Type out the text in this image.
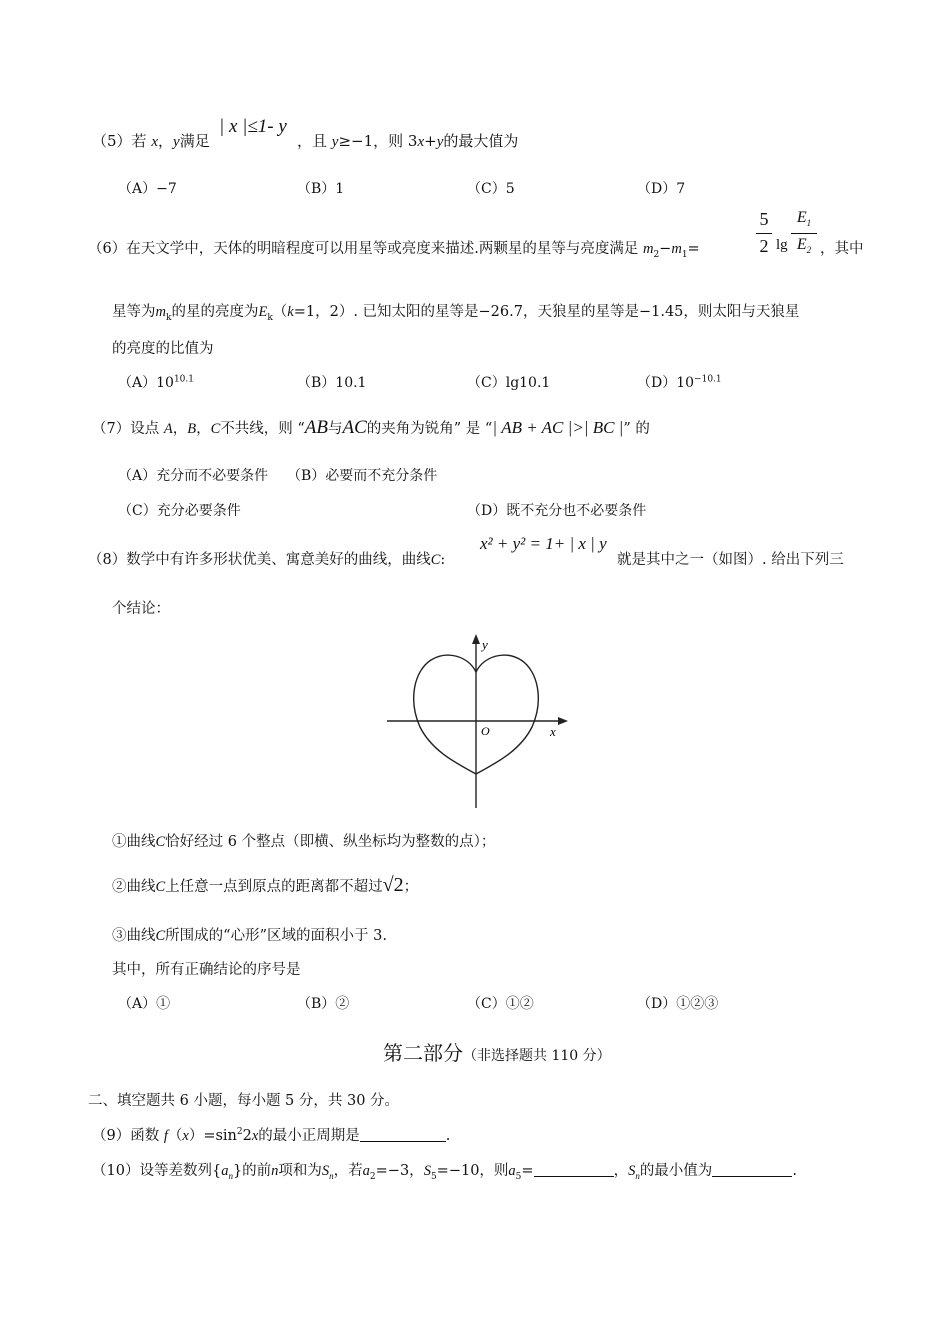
（5）若 x，y满足
| x |≤1- y
，且 y≥−1，则 3x+y的最大值为
（A）−7	（B）1	（C）5	（D）7
（6）在天文学中，天体的明暗程度可以用星等或亮度来描述.两颗星的星等与亮度满足 $m_2-m_1=$
5
2 lg
$E_1$
$E_2$ ，其中
星等为$m_k$的星的亮度为$E_k(k=1$，2）. 已知太阳的星等是−26.7，天狼星的星等是−1.45，则太阳与天狼星
的亮度的比值为
$(A)10^{10.1}$	（B）10.1	（C）lg10.1	$(D)10^{-10.1}$
（7）设点 A，B，C不共线，则 “AB与AC的夹角为锐角” 是 “| AB + AC |>| BC |” 的
（A）充分而不必要条件 （B）必要而不充分条件
（C）充分必要条件	（D）既不充分也不必要条件
（8）数学中有许多形状优美、寓意美好的曲线，曲线C:
x² + y² = 1+ | x | y
就是其中之一（如图）. 给出下列三
个结论：
y
x
O
①曲线C恰好经过 6 个整点（即横、纵坐标均为整数的点）；
②曲线C上任意一点到原点的距离都不超过√2；
③曲线C所围成的“心形”区域的面积小于 3.
其中，所有正确结论的序号是
（A）①	（B）②	（C）①②	（D）①②③
第二部分（非选择题共 110 分）
二、填空题共 6 小题，每小题 5 分，共 30 分。
（9）函数 $f(x)=\sin^22x$的最小正周期是	.
（10）设等差数列$\{a_n\}$的前n项和为$S_n$，若$a_2=-3$，$S_5=-10$，则$a_5=$	，$S_n$的最小值为	.
